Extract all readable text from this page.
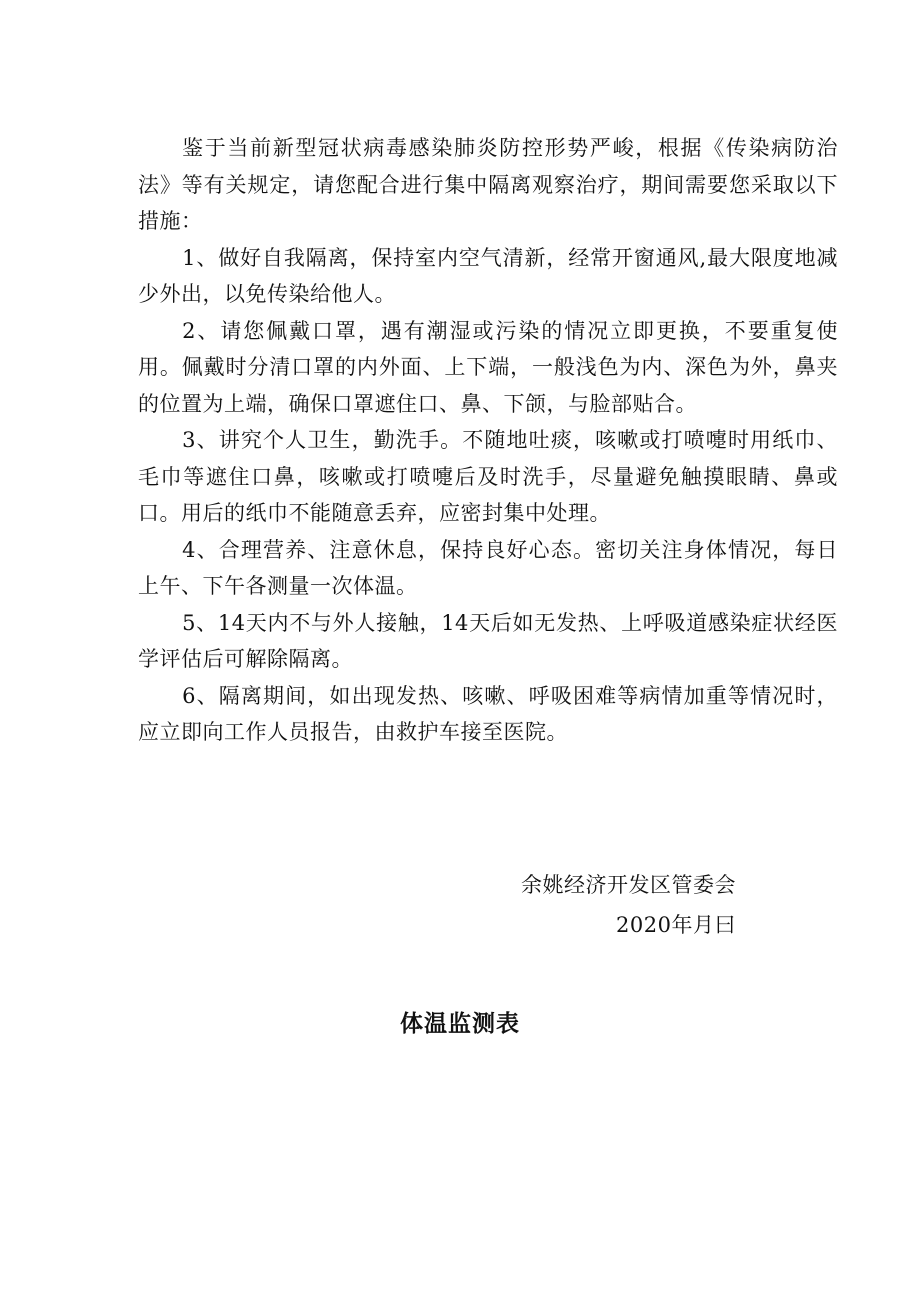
鉴于当前新型冠状病毒感染肺炎防控形势严峻，根据《传染病防治法》等有关规定，请您配合进行集中隔离观察治疗，期间需要您采取以下措施：

1、做好自我隔离，保持室内空气清新，经常开窗通风,最大限度地减少外出，以免传染给他人。

2、请您佩戴口罩，遇有潮湿或污染的情况立即更换，不要重复使用。佩戴时分清口罩的内外面、上下端，一般浅色为内、深色为外，鼻夹的位置为上端，确保口罩遮住口、鼻、下颌，与脸部贴合。

3、讲究个人卫生，勤洗手。不随地吐痰，咳嗽或打喷嚏时用纸巾、毛巾等遮住口鼻，咳嗽或打喷嚏后及时洗手，尽量避免触摸眼睛、鼻或口。用后的纸巾不能随意丢弃，应密封集中处理。

4、合理营养、注意休息，保持良好心态。密切关注身体情况，每日上午、下午各测量一次体温。

5、14天内不与外人接触，14天后如无发热、上呼吸道感染症状经医学评估后可解除隔离。

6、隔离期间，如出现发热、咳嗽、呼吸困难等病情加重等情况时，应立即向工作人员报告，由救护车接至医院。

余姚经济开发区管委会
2020年月曰
体温监测表
